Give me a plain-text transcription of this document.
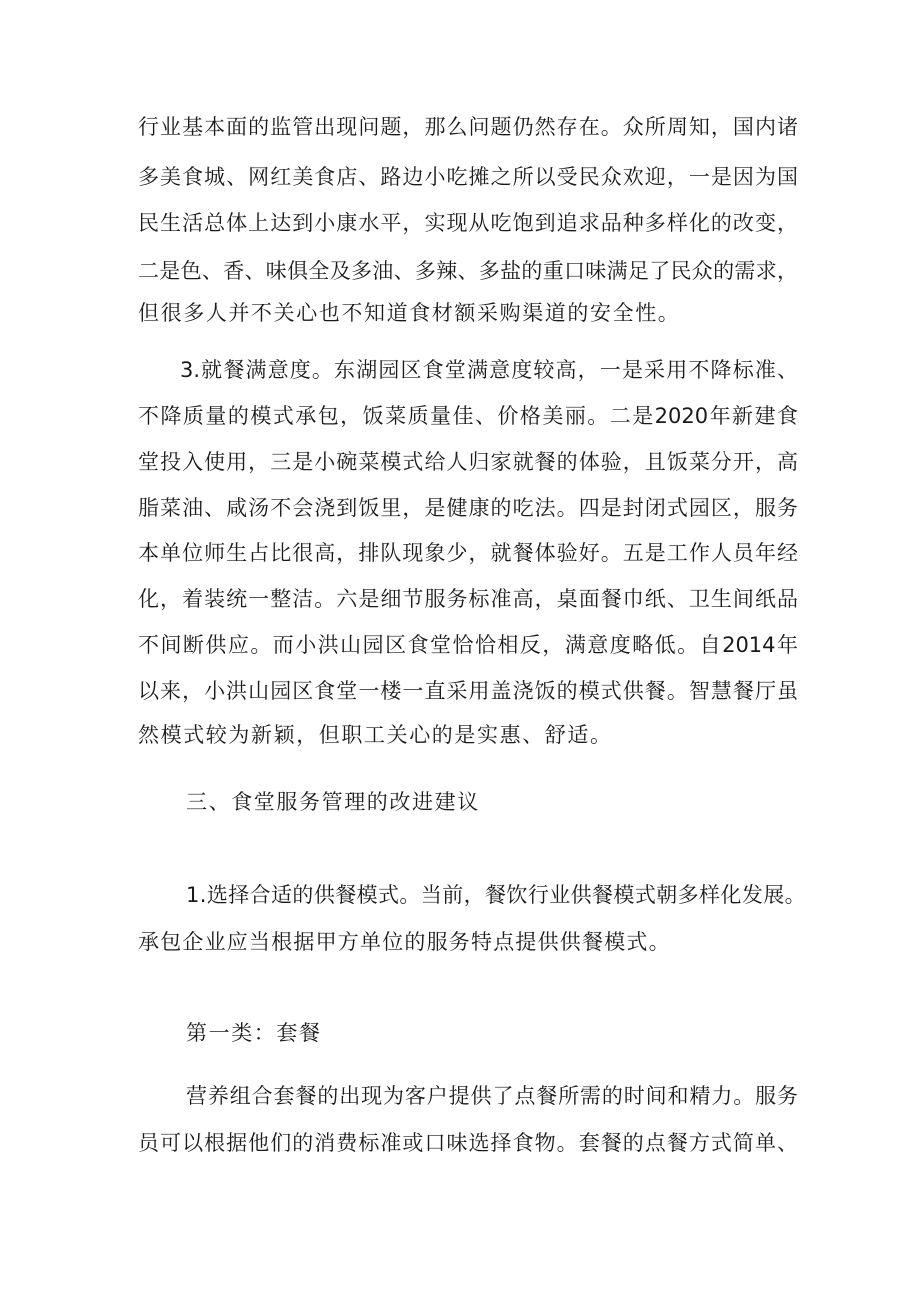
行业基本面的监管出现问题，那么问题仍然存在。众所周知，国内诸
多美食城、网红美食店、路边小吃摊之所以受民众欢迎，一是因为国
民生活总体上达到小康水平，实现从吃饱到追求品种多样化的改变，
二是色、香、味俱全及多油、多辣、多盐的重口味满足了民众的需求，
但很多人并不关心也不知道食材额采购渠道的安全性。
3.就餐满意度。东湖园区食堂满意度较高，一是采用不降标准、
不降质量的模式承包，饭菜质量佳、价格美丽。二是2020年新建食
堂投入使用，三是小碗菜模式给人归家就餐的体验，且饭菜分开，高
脂菜油、咸汤不会浇到饭里，是健康的吃法。四是封闭式园区，服务
本单位师生占比很高，排队现象少，就餐体验好。五是工作人员年经
化，着装统一整洁。六是细节服务标准高，桌面餐巾纸、卫生间纸品
不间断供应。而小洪山园区食堂恰恰相反，满意度略低。自2014年
以来，小洪山园区食堂一楼一直采用盖浇饭的模式供餐。智慧餐厅虽
然模式较为新颖，但职工关心的是实惠、舒适。
三、食堂服务管理的改进建议
1.选择合适的供餐模式。当前，餐饮行业供餐模式朝多样化发展。
承包企业应当根据甲方单位的服务特点提供供餐模式。
第一类：套餐
营养组合套餐的出现为客户提供了点餐所需的时间和精力。服务
员可以根据他们的消费标准或口味选择食物。套餐的点餐方式简单、
